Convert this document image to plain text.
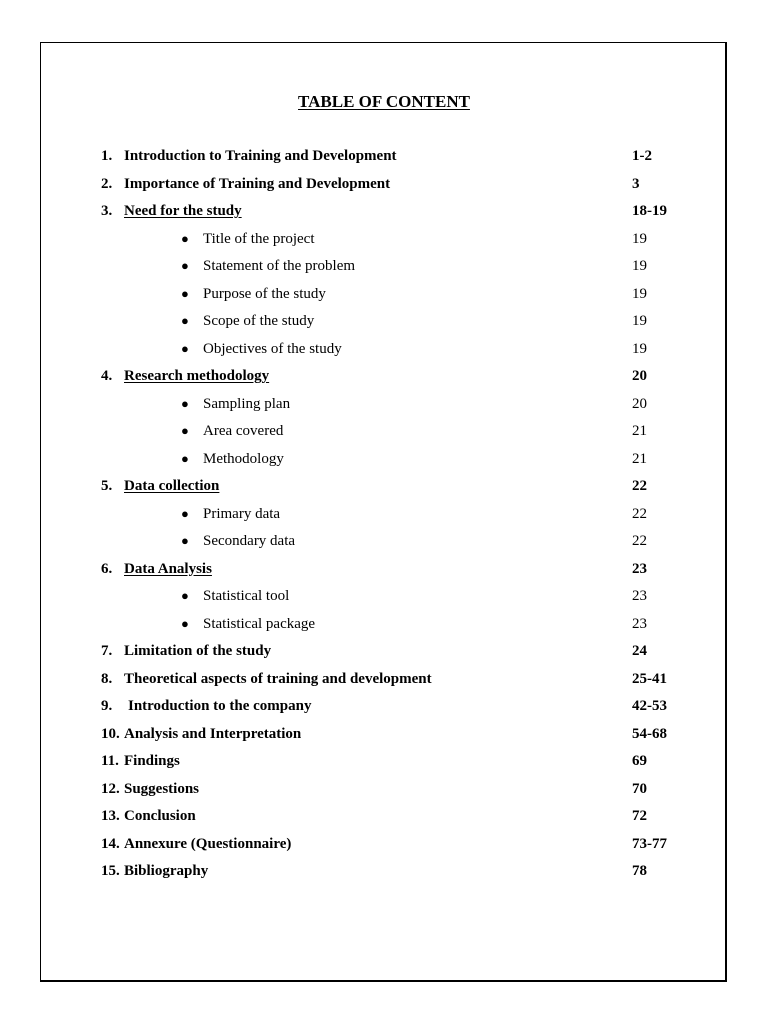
TABLE OF CONTENT
1. Introduction to Training and Development	1-2
2. Importance of Training and Development	3
3. Need for the study	18-19
● Title of the project	19
● Statement of the problem	19
● Purpose of the study	19
● Scope of the study	19
● Objectives of the study	19
4. Research methodology	20
● Sampling plan	20
● Area covered	21
● Methodology	21
5. Data collection	22
● Primary data	22
● Secondary data	22
6. Data Analysis	23
● Statistical tool	23
● Statistical package	23
7. Limitation of the study	24
8. Theoretical aspects of training and development	25-41
9. Introduction to the company	42-53
10. Analysis and Interpretation	54-68
11. Findings	69
12. Suggestions	70
13. Conclusion	72
14. Annexure (Questionnaire)	73-77
15. Bibliography	78
